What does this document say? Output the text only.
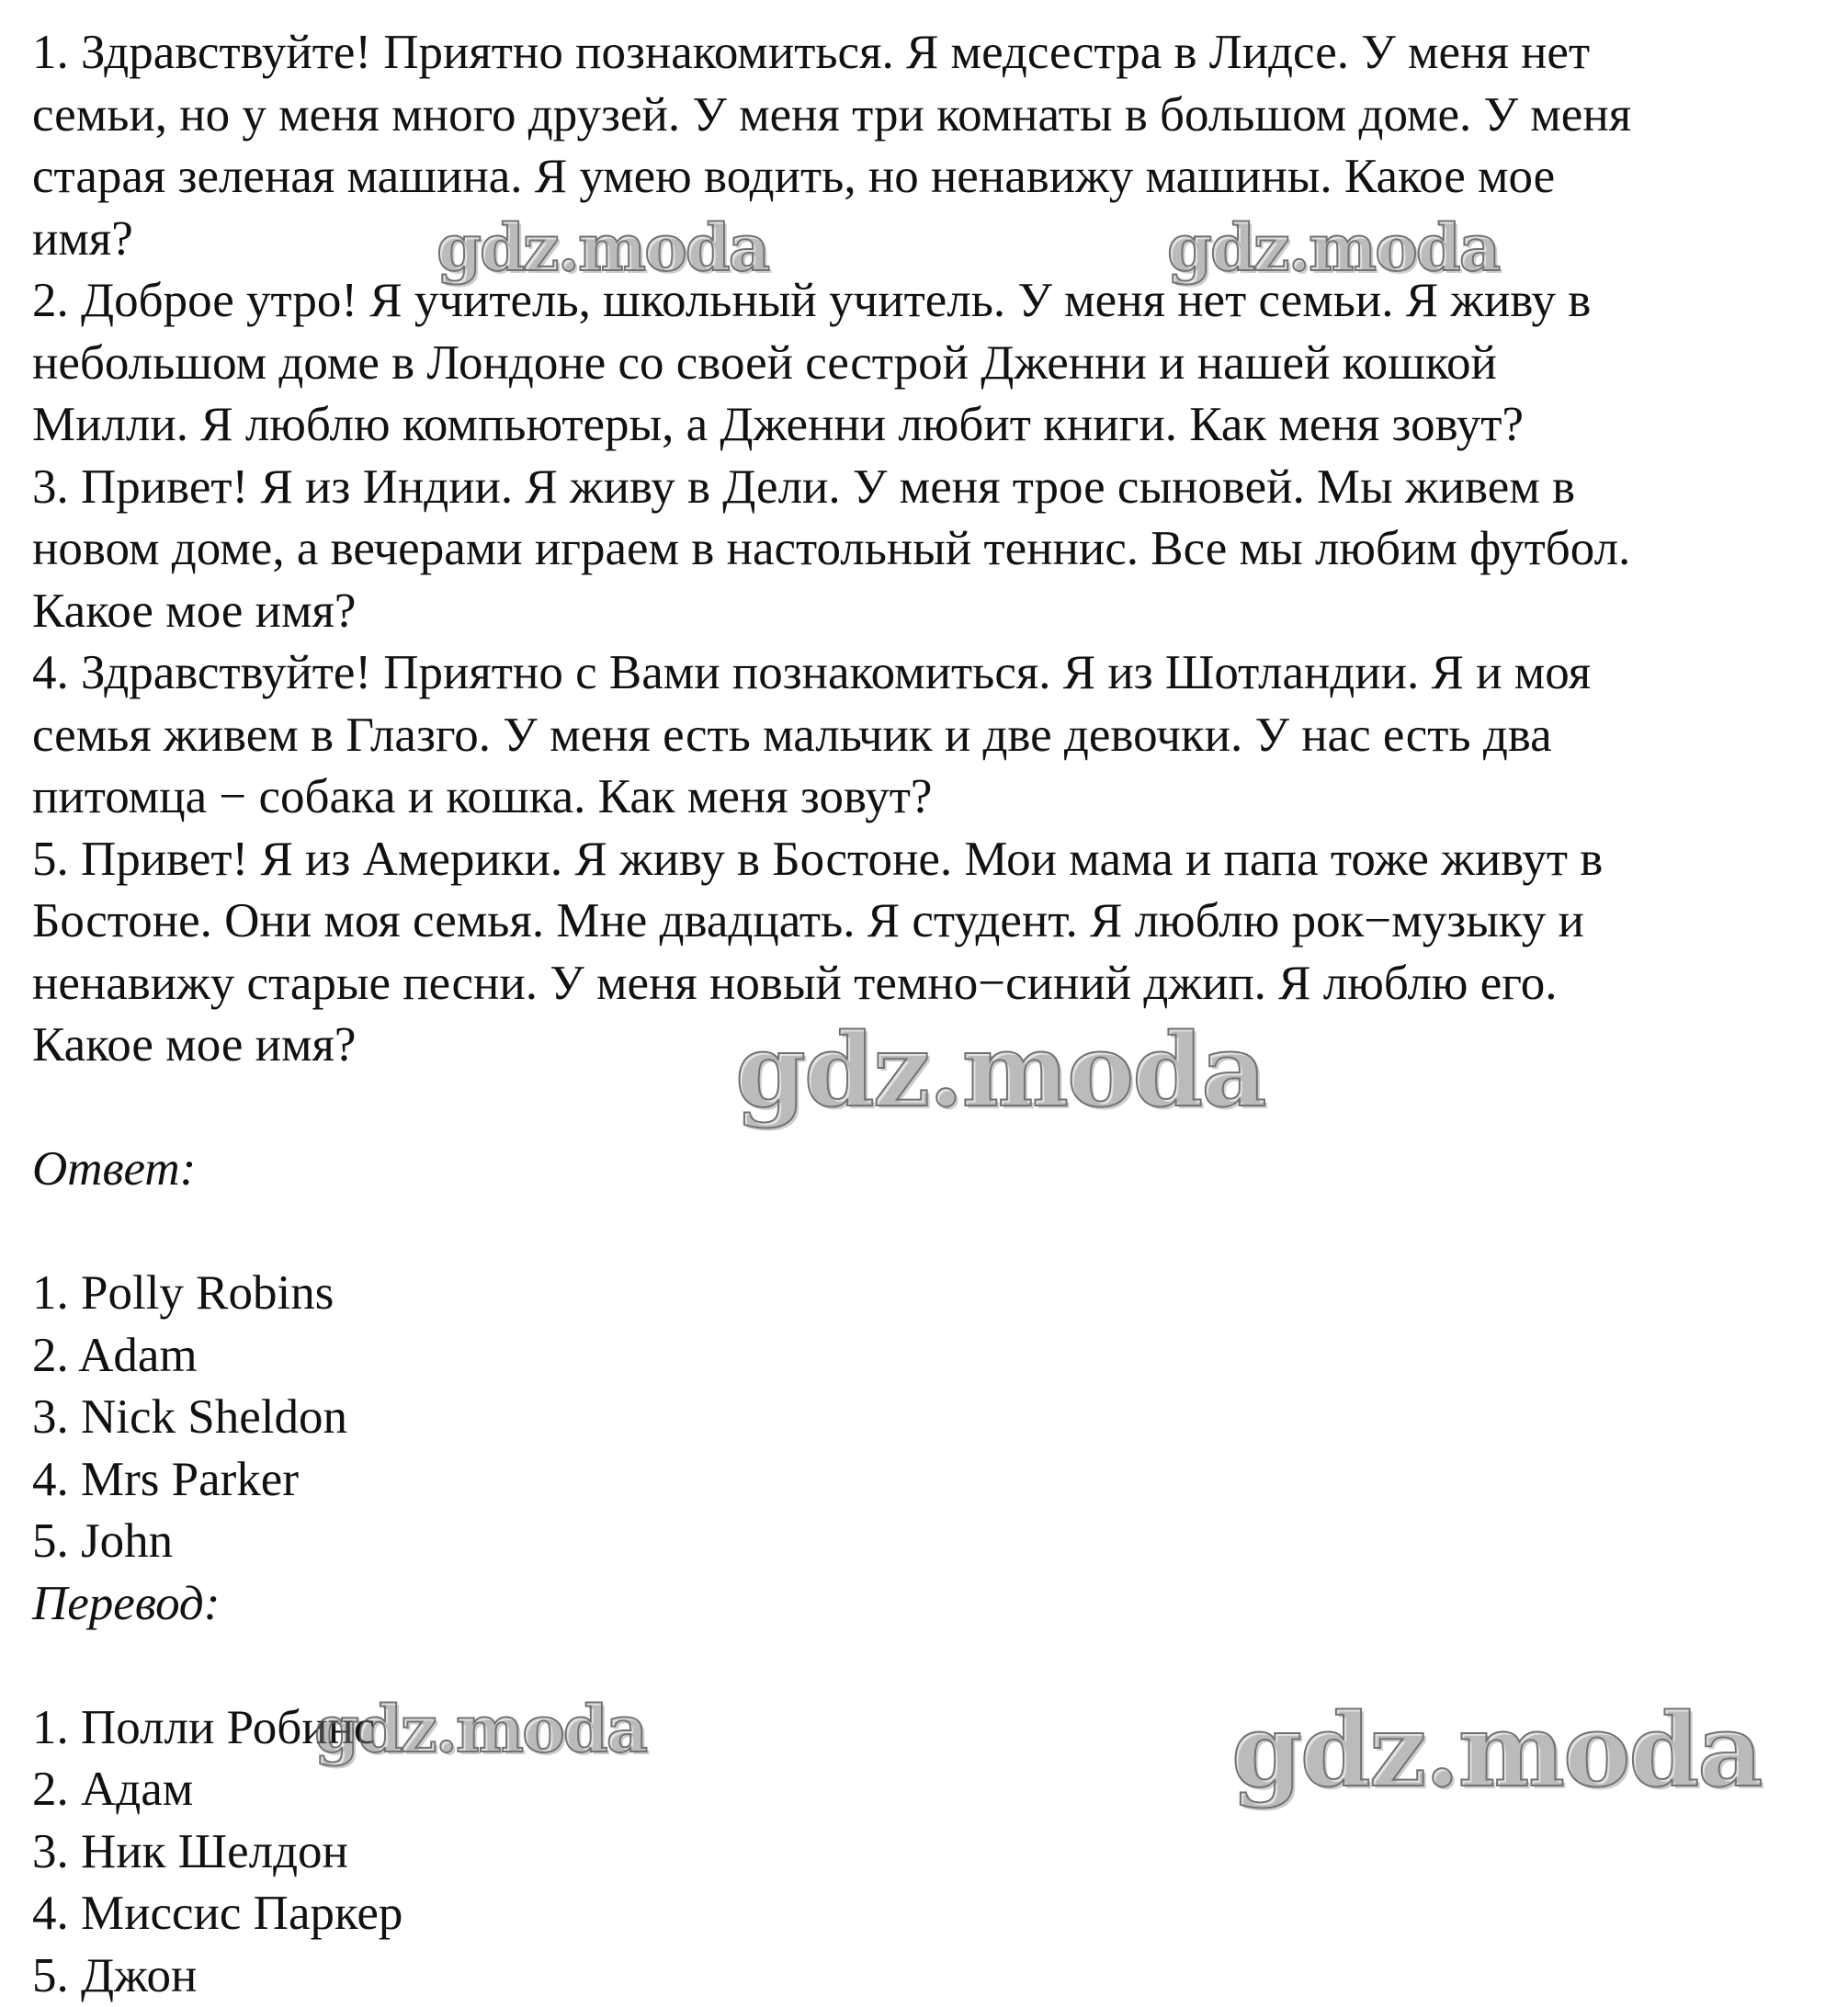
1. Здравствуйте! Приятно познакомиться. Я медсестра в Лидсе. У меня нет

семьи, но у меня много друзей. У меня три комнаты в большом доме. У меня

старая зеленая машина. Я умею водить, но ненавижу машины. Какое мое

имя?

2. Доброе утро! Я учитель, школьный учитель. У меня нет семьи. Я живу в

небольшом доме в Лондоне со своей сестрой Дженни и нашей кошкой

Милли. Я люблю компьютеры, а Дженни любит книги. Как меня зовут?

3. Привет! Я из Индии. Я живу в Дели. У меня трое сыновей. Мы живем в

новом доме, а вечерами играем в настольный теннис. Все мы любим футбол.

Какое мое имя?

4. Здравствуйте! Приятно с Вами познакомиться. Я из Шотландии. Я и моя

семья живем в Глазго. У меня есть мальчик и две девочки. У нас есть два

питомца − собака и кошка. Как меня зовут?

5. Привет! Я из Америки. Я живу в Бостоне. Мои мама и папа тоже живут в

Бостоне. Они моя семья. Мне двадцать. Я студент. Я люблю рок−музыку и

ненавижу старые песни. У меня новый темно−синий джип. Я люблю его.

Какое мое имя?

Ответ:

1. Polly Robins

2. Adam

3. Nick Sheldon

4. Mrs Parker

5. John

Перевод:

1. Полли Робинс

2. Адам

3. Ник Шелдон

4. Миссис Паркер

5. Джон

gdz.moda	gdz.moda
gdz.moda
gdz.moda	gdz.moda
